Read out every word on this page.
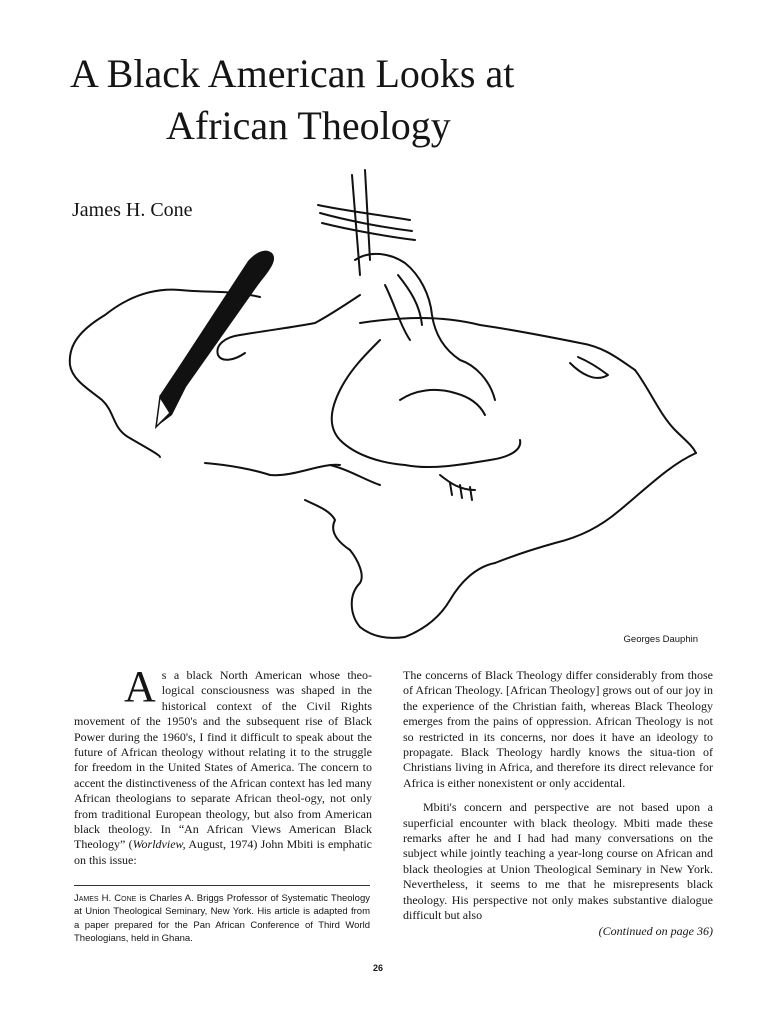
A Black American Looks at
African Theology
James H. Cone
Georges Dauphin

As a black North American whose theo-logical consciousness was shaped in the historical context of the Civil Rights movement of the 1950's and the subsequent rise of Black Power during the 1960's, I find it difficult to speak about the future of African theology without relating it to the struggle for freedom in the United States of America. The concern to accent the distinctiveness of the African context has led many African theologians to separate African theol-ogy, not only from traditional European theology, but also from American black theology. In “An African Views American Black Theology” (Worldview, August, 1974) John Mbiti is emphatic on this issue:

James H. Cone is Charles A. Briggs Professor of Systematic Theology at Union Theological Seminary, New York. His article is adapted from a paper prepared for the Pan African Conference of Third World Theologians, held in Ghana.

The concerns of Black Theology differ considerably from those of African Theology. [African Theology] grows out of our joy in the experience of the Christian faith, whereas Black Theology emerges from the pains of oppression. African Theology is not so restricted in its concerns, nor does it have an ideology to propagate. Black Theology hardly knows the situa-tion of Christians living in Africa, and therefore its direct relevance for Africa is either nonexistent or only accidental.

Mbiti's concern and perspective are not based upon a superficial encounter with black theology. Mbiti made these remarks after he and I had had many conversations on the subject while jointly teaching a year-long course on African and black theologies at Union Theological Seminary in New York. Nevertheless, it seems to me that he misrepresents black theology. His perspective not only makes substantive dialogue difficult but also

(Continued on page 36)
26
